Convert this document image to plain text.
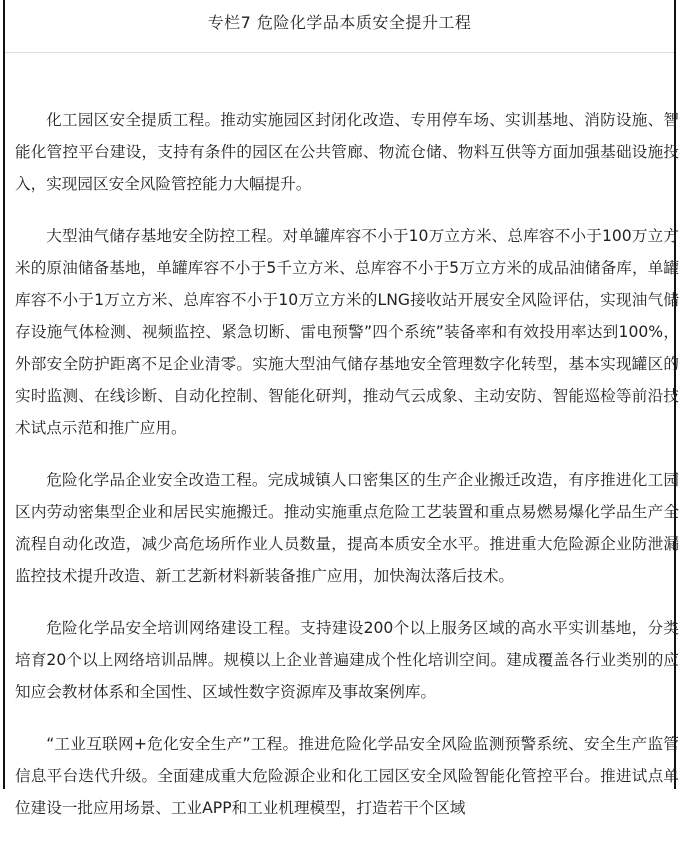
专栏7 危险化学品本质安全提升工程

化工园区安全提质工程。推动实施园区封闭化改造、专用停车场、实训基地、消防设施、智能化管控平台建设，支持有条件的园区在公共管廊、物流仓储、物料互供等方面加强基础设施投入，实现园区安全风险管控能力大幅提升。

大型油气储存基地安全防控工程。对单罐库容不小于10万立方米、总库容不小于100万立方米的原油储备基地，单罐库容不小于5千立方米、总库容不小于5万立方米的成品油储备库，单罐库容不小于1万立方米、总库容不小于10万立方米的LNG接收站开展安全风险评估，实现油气储存设施气体检测、视频监控、紧急切断、雷电预警”四个系统”装备率和有效投用率达到100%，外部安全防护距离不足企业清零。实施大型油气储存基地安全管理数字化转型，基本实现罐区的实时监测、在线诊断、自动化控制、智能化研判，推动气云成象、主动安防、智能巡检等前沿技术试点示范和推广应用。

危险化学品企业安全改造工程。完成城镇人口密集区的生产企业搬迁改造，有序推进化工园区内劳动密集型企业和居民实施搬迁。推动实施重点危险工艺装置和重点易燃易爆化学品生产全流程自动化改造，减少高危场所作业人员数量，提高本质安全水平。推进重大危险源企业防泄漏监控技术提升改造、新工艺新材料新装备推广应用，加快淘汰落后技术。

危险化学品安全培训网络建设工程。支持建设200个以上服务区域的高水平实训基地，分类培育20个以上网络培训品牌。规模以上企业普遍建成个性化培训空间。建成覆盖各行业类别的应知应会教材体系和全国性、区域性数字资源库及事故案例库。

“工业互联网+危化安全生产”工程。推进危险化学品安全风险监测预警系统、安全生产监管信息平台迭代升级。全面建成重大危险源企业和化工园区安全风险智能化管控平台。推进试点单位建设一批应用场景、工业APP和工业机理模型，打造若干个区域
